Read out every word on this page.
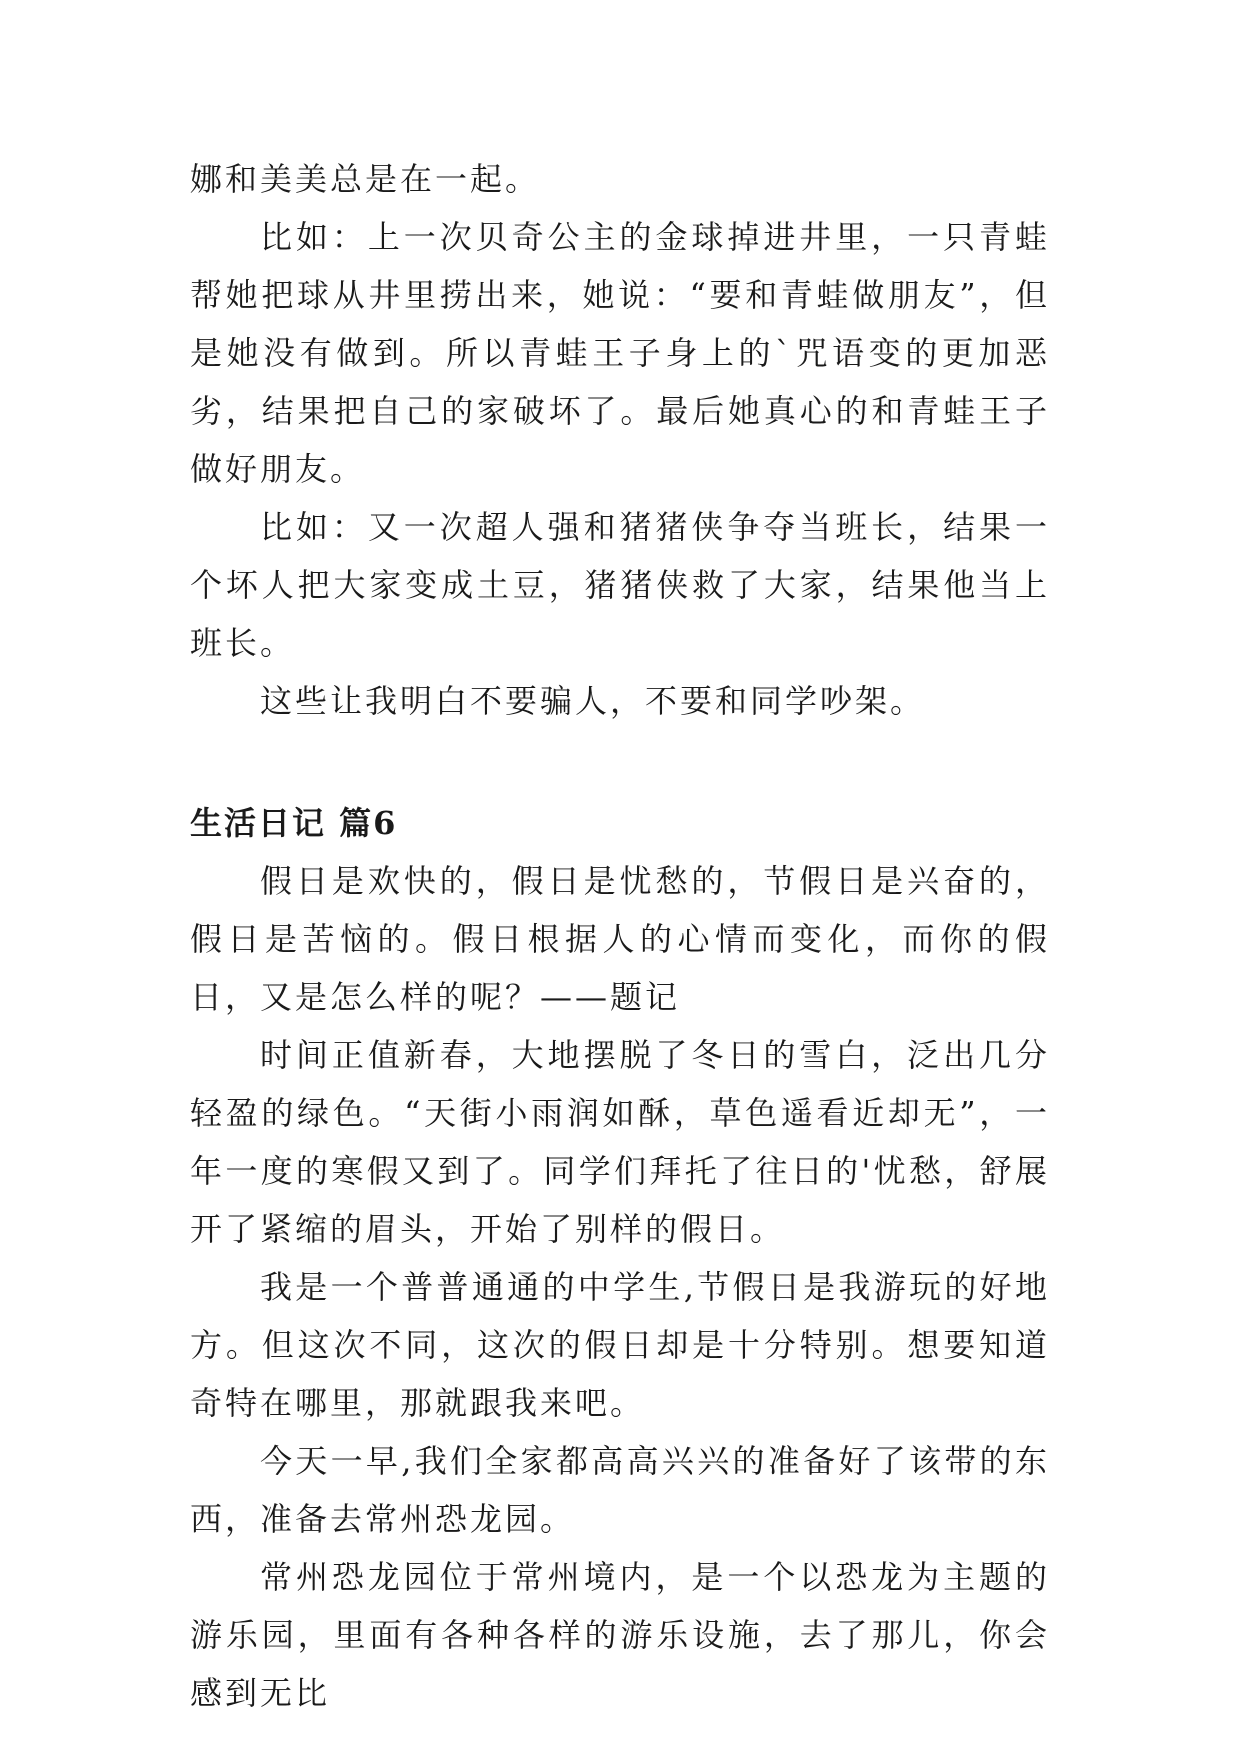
娜和美美总是在一起。

比如：上一次贝奇公主的金球掉进井里，一只青蛙帮她把球从井里捞出来，她说：“要和青蛙做朋友”，但是她没有做到。所以青蛙王子身上的`咒语变的更加恶劣，结果把自己的家破坏了。最后她真心的和青蛙王子做好朋友。

比如：又一次超人强和猪猪侠争夺当班长，结果一个坏人把大家变成土豆，猪猪侠救了大家，结果他当上班长。

这些让我明白不要骗人，不要和同学吵架。

生活日记 篇6

假日是欢快的，假日是忧愁的，节假日是兴奋的，假日是苦恼的。假日根据人的心情而变化，而你的假日，又是怎么样的呢？——题记

时间正值新春，大地摆脱了冬日的雪白，泛出几分轻盈的绿色。“天街小雨润如酥，草色遥看近却无”，一年一度的寒假又到了。同学们拜托了往日的'忧愁，舒展开了紧缩的眉头，开始了别样的假日。

我是一个普普通通的中学生,节假日是我游玩的好地方。但这次不同，这次的假日却是十分特别。想要知道奇特在哪里，那就跟我来吧。

今天一早,我们全家都高高兴兴的准备好了该带的东西，准备去常州恐龙园。

常州恐龙园位于常州境内，是一个以恐龙为主题的游乐园，里面有各种各样的游乐设施，去了那儿，你会感到无比
